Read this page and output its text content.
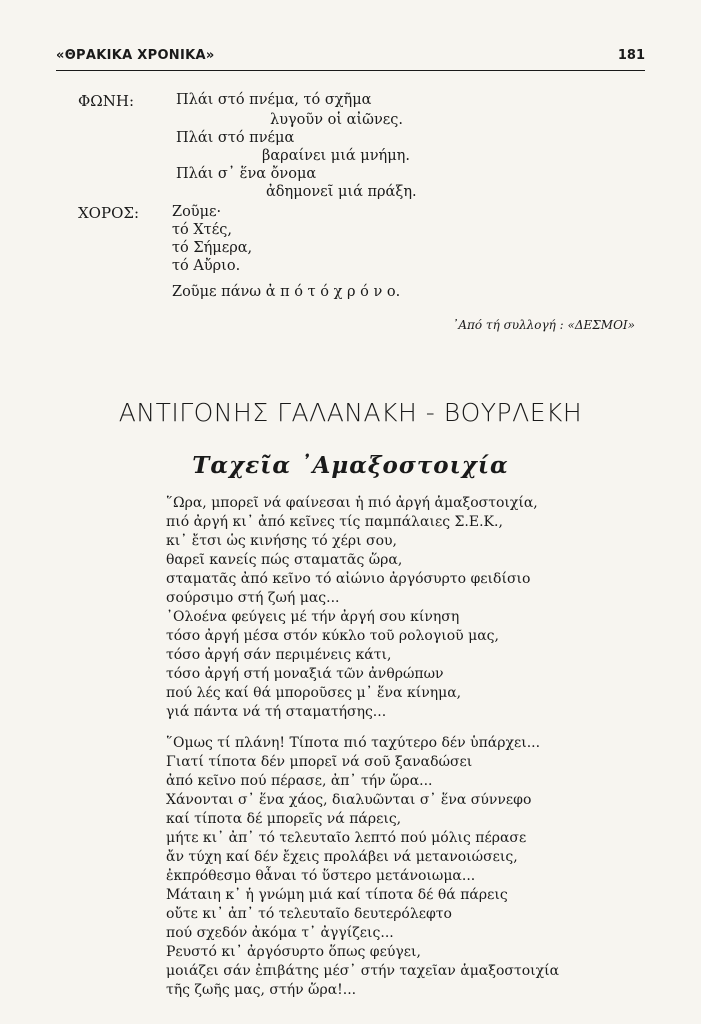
«ΘΡΑΚΙΚΑ ΧΡΟΝΙΚΑ»	181
ΦΩΝΗ:	Πλάι στό πνέμα, τό σχῆμα
λυγοῦν οἱ αἰῶνες.
Πλάι στό πνέμα
βαραίνει μιά μνήμη.
Πλάι σ᾿ ἕνα ὄνομα
ἀδημονεῖ μιά πράξη.
ΧΟΡΟΣ: Ζοῦμε·
τό Χτές,
τό Σήμερα,
τό Αὔριο.
Ζοῦμε πάνω ἀ π ό τ ό χ ρ ό ν ο.
᾿Από τή συλλογή : «ΔΕΣΜΟΙ»
ΑΝΤΙΓΟΝΗΣ ΓΑΛΑΝΑΚΗ - ΒΟΥΡΛΕΚΗ
Ταχεῖα ᾿Αμαξοστοιχία
῞Ωρα, μπορεῖ νά φαίνεσαι ἡ πιό ἀργή ἁμαξοστοιχία,
πιό ἀργή κι᾿ ἀπό κεῖνες τίς παμπάλαιες Σ.Ε.Κ.,
κι᾿ ἔτσι ὡς κινήσης τό χέρι σου,
θαρεῖ κανείς πώς σταματᾶς ὥρα,
σταματᾶς ἀπό κεῖνο τό αἰώνιο ἀργόσυρτο φειδίσιο
σούρσιμο στή ζωή μας...
᾿Ολοένα φεύγεις μέ τήν ἀργή σου κίνηση
τόσο ἀργή μέσα στόν κύκλο τοῦ ρολογιοῦ μας,
τόσο ἀργή σάν περιμένεις κάτι,
τόσο ἀργή στή μοναξιά τῶν ἀνθρώπων
πού λές καί θά μποροῦσες μ᾿ ἕνα κίνημα,
γιά πάντα νά τή σταματήσης...
῞Ομως τί πλάνη! Τίποτα πιό ταχύτερο δέν ὑπάρχει...
Γιατί τίποτα δέν μπορεῖ νά σοῦ ξαναδώσει
ἀπό κεῖνο πού πέρασε, ἀπ᾿ τήν ὥρα...
Χάνονται σ᾿ ἕνα χάος, διαλυῶνται σ᾿ ἕνα σύννεφο
καί τίποτα δέ μπορεῖς νά πάρεις,
μήτε κι᾿ ἀπ᾿ τό τελευταῖο λεπτό πού μόλις πέρασε
ἄν τύχη καί δέν ἔχεις προλάβει νά μετανοιώσεις,
ἐκπρόθεσμο θἆναι τό ὕστερο μετάνοιωμα...
Μάταιη κ᾿ ἡ γνώμη μιά καί τίποτα δέ θά πάρεις
οὔτε κι᾿ ἀπ᾿ τό τελευταῖο δευτερόλεφτο
πού σχεδόν ἀκόμα τ᾿ ἀγγίζεις...
Ρευστό κι᾿ ἀργόσυρτο ὅπως φεύγει,
μοιάζει σάν ἐπιβάτης μέσ᾿ στήν ταχεῖαν ἁμαξοστοιχία
τῆς ζωῆς μας, στήν ὥρα!...
